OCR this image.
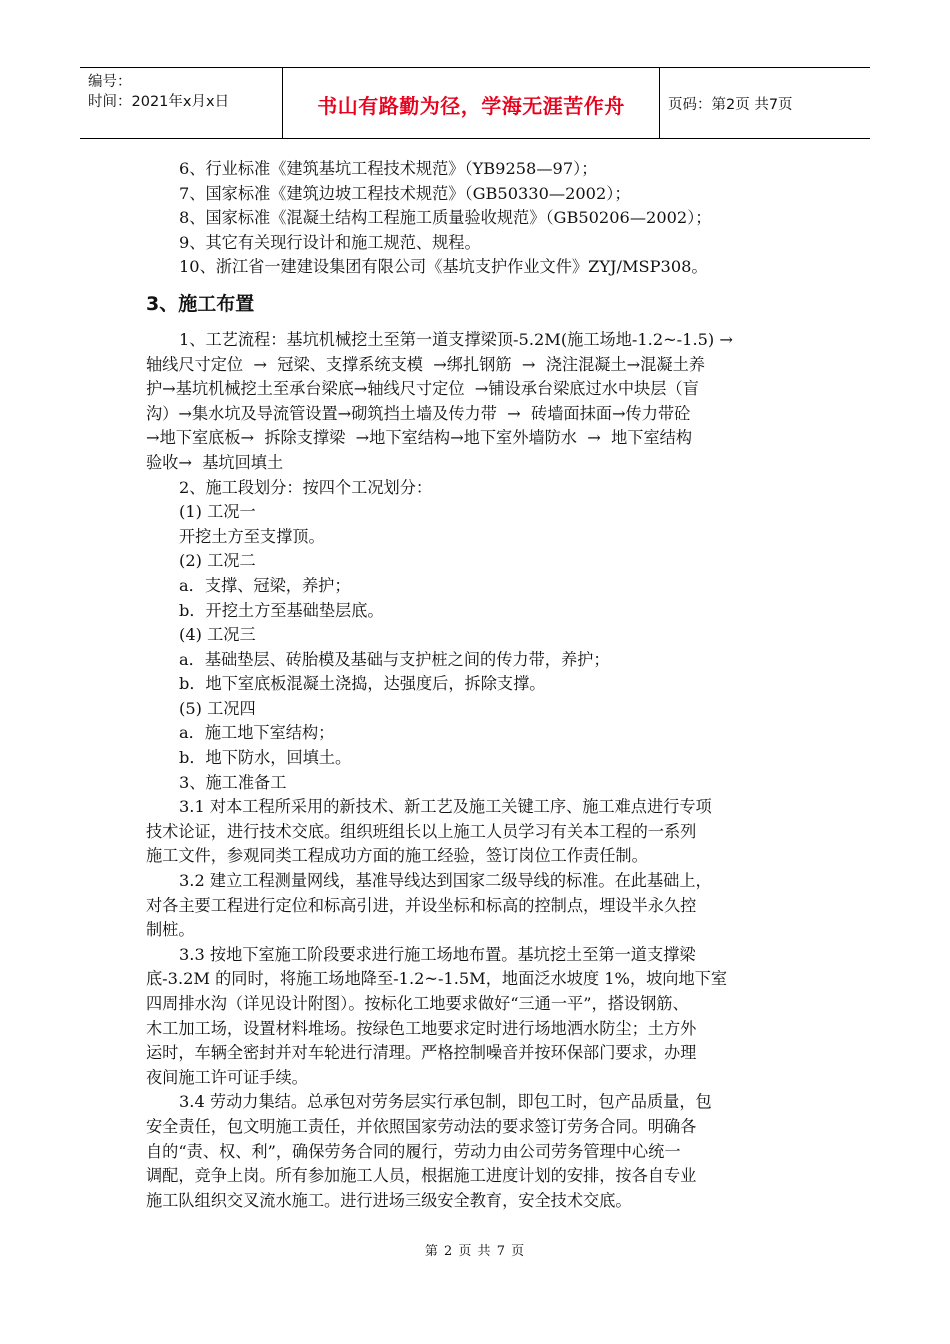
编号：
时间：2021年x月x日	书山有路勤为径，学海无涯苦作舟	页码：第2页 共7页

6、行业标准《建筑基坑工程技术规范》（YB9258—97）；

7、国家标准《建筑边坡工程技术规范》（GB50330—2002）；

8、国家标准《混凝土结构工程施工质量验收规范》（GB50206—2002）；

9、其它有关现行设计和施工规范、规程。

10、浙江省一建建设集团有限公司《基坑支护作业文件》ZYJ/MSP308。

3、施工布置

1、工艺流程：基坑机械挖土至第一道支撑梁顶-5.2M(施工场地-1.2~-1.5) →

轴线尺寸定位  →  冠梁、支撑系统支模  →绑扎钢筋  →  浇注混凝土→混凝土养

护→基坑机械挖土至承台梁底→轴线尺寸定位  →铺设承台梁底过水中块层（盲

沟）→集水坑及导流管设置→砌筑挡土墙及传力带  →  砖墙面抹面→传力带砼

→地下室底板→  拆除支撑梁  →地下室结构→地下室外墙防水  →  地下室结构

验收→  基坑回填土

2、施工段划分：按四个工况划分：

(1) 工况一

开挖土方至支撑顶。

(2) 工况二

a．支撑、冠梁，养护；

b．开挖土方至基础垫层底。

(4) 工况三

a．基础垫层、砖胎模及基础与支护桩之间的传力带，养护；

b．地下室底板混凝土浇捣，达强度后，拆除支撑。

(5) 工况四

a．施工地下室结构；

b．地下防水，回填土。

3、施工准备工

3.1 对本工程所采用的新技术、新工艺及施工关键工序、施工难点进行专项

技术论证，进行技术交底。组织班组长以上施工人员学习有关本工程的一系列

施工文件，参观同类工程成功方面的施工经验，签订岗位工作责任制。

3.2 建立工程测量网线，基准导线达到国家二级导线的标准。在此基础上，

对各主要工程进行定位和标高引进，并设坐标和标高的控制点，埋设半永久控

制桩。

3.3 按地下室施工阶段要求进行施工场地布置。基坑挖土至第一道支撑梁

底-3.2M 的同时，将施工场地降至-1.2~-1.5M，地面泛水坡度 1%，坡向地下室

四周排水沟（详见设计附图）。按标化工地要求做好“三通一平”，搭设钢筋、

木工加工场，设置材料堆场。按绿色工地要求定时进行场地洒水防尘；土方外

运时，车辆全密封并对车轮进行清理。严格控制噪音并按环保部门要求，办理

夜间施工许可证手续。

3.4 劳动力集结。总承包对劳务层实行承包制，即包工时，包产品质量，包

安全责任，包文明施工责任，并依照国家劳动法的要求签订劳务合同。明确各

自的“责、权、利”，确保劳务合同的履行，劳动力由公司劳务管理中心统一

调配，竞争上岗。所有参加施工人员，根据施工进度计划的安排，按各自专业

施工队组织交叉流水施工。进行进场三级安全教育，安全技术交底。

第 2 页 共 7 页
